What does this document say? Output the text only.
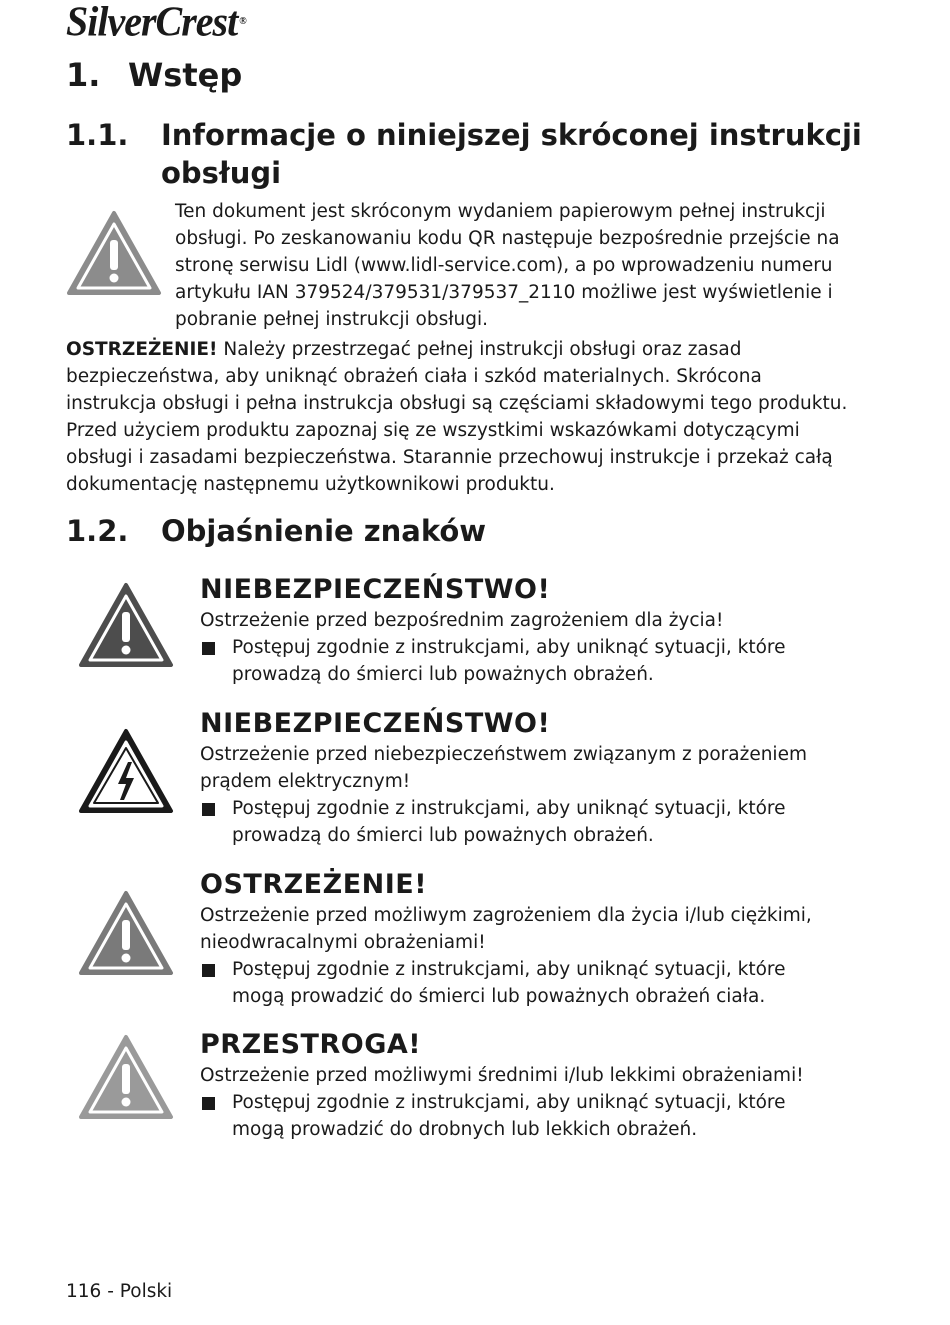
SilverCrest ®
1. Wstęp
1.1. Informacje o niniejszej skróconej instrukcji
obsługi

Ten dokument jest skróconym wydaniem papierowym pełnej instrukcji obsługi. Po zeskanowaniu kodu QR następuje bezpośrednie przejście na stronę serwisu Lidl (www.lidl-service.com), a po wprowadzeniu numeru artykułu IAN 379524/379531/379537_2110 możliwe jest wyświetlenie i pobranie pełnej instrukcji obsługi.

OSTRZEŻENIE! Należy przestrzegać pełnej instrukcji obsługi oraz zasad bezpieczeństwa, aby uniknąć obrażeń ciała i szkód materialnych. Skrócona instrukcja obsługi i pełna instrukcja obsługi są częściami składowymi tego produktu. Przed użyciem produktu zapoznaj się ze wszystkimi wskazówkami dotyczącymi obsługi i zasadami bezpieczeństwa. Starannie przechowuj instrukcje i przekaż całą dokumentację następnemu użytkownikowi produktu.

1.2. Objaśnienie znaków

NIEBEZPIECZEŃSTWO!

Ostrzeżenie przed bezpośrednim zagrożeniem dla życia!

Postępuj zgodnie z instrukcjami, aby uniknąć sytuacji, które prowadzą do śmierci lub poważnych obrażeń.

NIEBEZPIECZEŃSTWO!

Ostrzeżenie przed niebezpieczeństwem związanym z porażeniem prądem elektrycznym!

Postępuj zgodnie z instrukcjami, aby uniknąć sytuacji, które prowadzą do śmierci lub poważnych obrażeń.

OSTRZEŻENIE!

Ostrzeżenie przed możliwym zagrożeniem dla życia i/lub ciężkimi, nieodwracalnymi obrażeniami!

Postępuj zgodnie z instrukcjami, aby uniknąć sytuacji, które mogą prowadzić do śmierci lub poważnych obrażeń ciała.

PRZESTROGA!

Ostrzeżenie przed możliwymi średnimi i/lub lekkimi obrażeniami!

Postępuj zgodnie z instrukcjami, aby uniknąć sytuacji, które mogą prowadzić do drobnych lub lekkich obrażeń.

116 - Polski
